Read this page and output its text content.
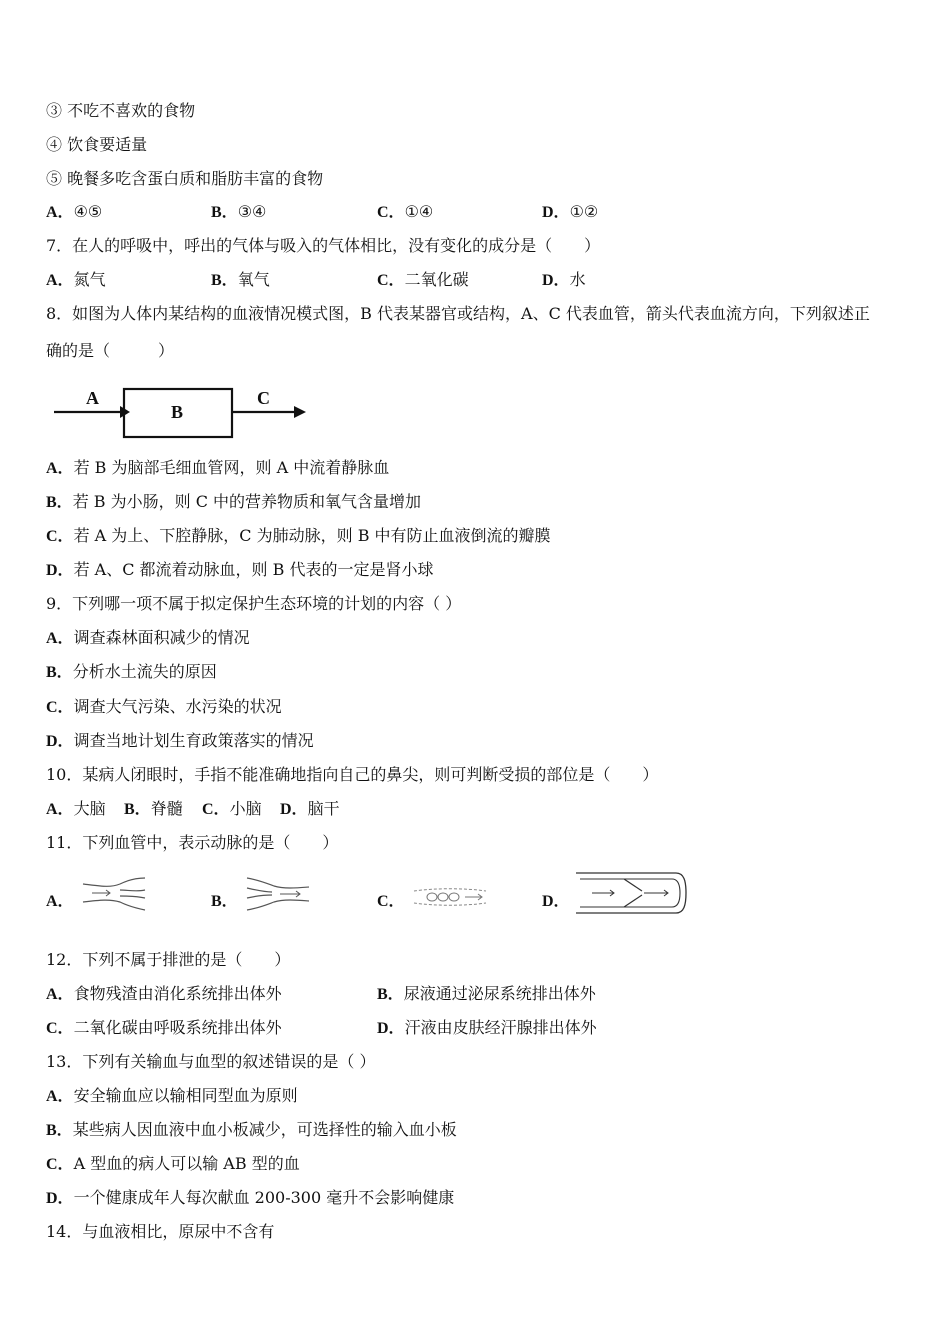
③ 不吃不喜欢的食物
④ 饮食要适量
⑤ 晚餐多吃含蛋白质和脂肪丰富的食物
A．④⑤	B．③④	C．①④	D．①②
7．在人的呼吸中，呼出的气体与吸入的气体相比，没有变化的成分是（　　）
A．氮气	B．氧气	C．二氧化碳	D．水
8．如图为人体内某结构的血液情况模式图，B 代表某器官或结构，A、C 代表血管，箭头代表血流方向，下列叙述正
确的是（　　　）
A
B
C
A．若 B 为脑部毛细血管网，则 A 中流着静脉血
B．若 B 为小肠，则 C 中的营养物质和氧气含量增加
C．若 A 为上、下腔静脉，C 为肺动脉，则 B 中有防止血液倒流的瓣膜
D．若 A、C 都流着动脉血，则 B 代表的一定是肾小球
9．下列哪一项不属于拟定保护生态环境的计划的内容（ ）
A．调查森林面积减少的情况
B．分析水土流失的原因
C．调查大气污染、水污染的状况
D．调查当地计划生育政策落实的情况
10．某病人闭眼时，手指不能准确地指向自己的鼻尖，则可判断受损的部位是（　　）
A．大脑 B．脊髓 C．小脑 D．脑干
11．下列血管中，表示动脉的是（　　）
A．	B．	C．	D．
12．下列不属于排泄的是（　　）
A．食物残渣由消化系统排出体外	B．尿液通过泌尿系统排出体外
C．二氧化碳由呼吸系统排出体外	D．汗液由皮肤经汗腺排出体外
13．下列有关输血与血型的叙述错误的是（ ）
A．安全输血应以输相同型血为原则
B．某些病人因血液中血小板减少，可选择性的输入血小板
C．A 型血的病人可以输 AB 型的血
D．一个健康成年人每次献血 200-300 毫升不会影响健康
14．与血液相比，原尿中不含有
